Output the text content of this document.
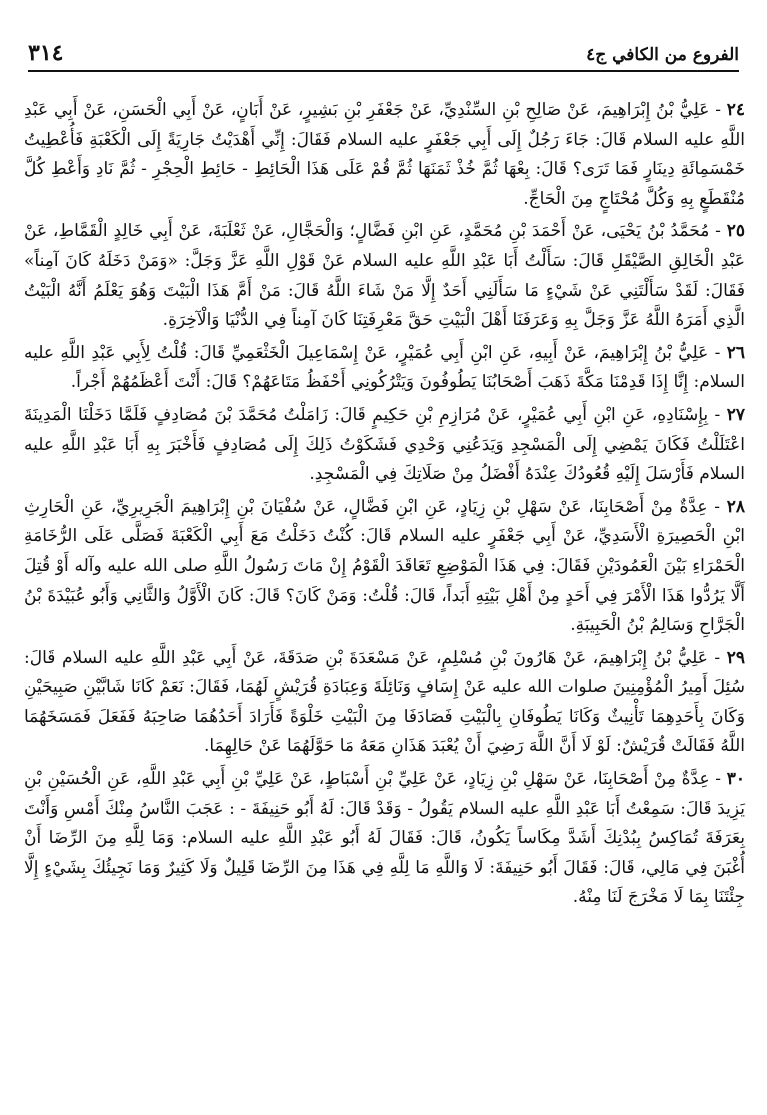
٣١٤	الفروع من الكافي ج٤

٢٤ - عَلِيُّ بْنُ إِبْرَاهِيمَ، عَنْ صَالِحِ بْنِ السِّنْدِيِّ، عَنْ جَعْفَرِ بْنِ بَشِيرٍ، عَنْ أَبَانٍ، عَنْ أَبِي الْحَسَنِ، عَنْ أَبِي عَبْدِ اللَّهِ عليه السلام قَالَ: جَاءَ رَجُلٌ إِلَى أَبِي جَعْفَرٍ عليه السلام فَقَالَ: إِنِّي أَهْدَيْتُ جَارِيَةً إِلَى الْكَعْبَةِ فَأُعْطِيتُ خَمْسَمِائَةِ دِينَارٍ فَمَا تَرَى؟ قَالَ: بِعْهَا ثُمَّ خُذْ ثَمَنَهَا ثُمَّ قُمْ عَلَى هَذَا الْحَائِطِ - حَائِطِ الْحِجْرِ - ثُمَّ نَادِ وَأَعْطِ كُلَّ مُنْقَطَعٍ بِهِ وَكُلَّ مُحْتَاجٍ مِنَ الْحَاجِّ.

٢٥ - مُحَمَّدُ بْنُ يَحْيَى، عَنْ أَحْمَدَ بْنِ مُحَمَّدٍ، عَنِ ابْنِ فَضَّالٍ؛ وَالْحَجَّالِ، عَنْ ثَعْلَبَةَ، عَنْ أَبِي خَالِدٍ الْقَمَّاطِ، عَنْ عَبْدِ الْخَالِقِ الصَّيْقَلِ قَالَ: سَأَلْتُ أَبَا عَبْدِ اللَّهِ عليه السلام عَنْ قَوْلِ اللَّهِ عَزَّ وَجَلَّ: «وَمَنْ دَخَلَهُ كَانَ آمِناً» فَقَالَ: لَقَدْ سَأَلْتَنِي عَنْ شَيْءٍ مَا سَأَلَنِي أَحَدٌ إِلَّا مَنْ شَاءَ اللَّهُ قَالَ: مَنْ أَمَّ هَذَا الْبَيْتَ وَهُوَ يَعْلَمُ أَنَّهُ الْبَيْتُ الَّذِي أَمَرَهُ اللَّهُ عَزَّ وَجَلَّ بِهِ وَعَرَفَنَا أَهْلَ الْبَيْتِ حَقَّ مَعْرِفَتِنَا كَانَ آمِناً فِي الدُّنْيَا وَالْآخِرَةِ.

٢٦ - عَلِيُّ بْنُ إِبْرَاهِيمَ، عَنْ أَبِيهِ، عَنِ ابْنِ أَبِي عُمَيْرٍ، عَنْ إِسْمَاعِيلَ الْخَثْعَمِيِّ قَالَ: قُلْتُ لِأَبِي عَبْدِ اللَّهِ عليه السلام: إِنَّا إِذَا قَدِمْنَا مَكَّةَ ذَهَبَ أَصْحَابُنَا يَطُوفُونَ وَيَتْرُكُونِي أَحْفَظُ مَتَاعَهُمْ؟ قَالَ: أَنْتَ أَعْظَمُهُمْ أَجْراً.

٢٧ - بِإِسْنَادِهِ، عَنِ ابْنِ أَبِي عُمَيْرٍ، عَنْ مُرَازِمِ بْنِ حَكِيمٍ قَالَ: زَامَلْتُ مُحَمَّدَ بْنَ مُصَادِفٍ فَلَمَّا دَخَلْنَا الْمَدِينَةَ اعْتَلَلْتُ فَكَانَ يَمْضِي إِلَى الْمَسْجِدِ وَيَدَعُنِي وَحْدِي فَشَكَوْتُ ذَلِكَ إِلَى مُصَادِفٍ فَأَخْبَرَ بِهِ أَبَا عَبْدِ اللَّهِ عليه السلام فَأَرْسَلَ إِلَيْهِ قُعُودُكَ عِنْدَهُ أَفْضَلُ مِنْ صَلَاتِكَ فِي الْمَسْجِدِ.

٢٨ - عِدَّةٌ مِنْ أَصْحَابِنَا، عَنْ سَهْلِ بْنِ زِيَادٍ، عَنِ ابْنِ فَضَّالٍ، عَنْ سُفْيَانَ بْنِ إِبْرَاهِيمَ الْجَرِيرِيِّ، عَنِ الْحَارِثِ ابْنِ الْحَصِيرَةِ الْأَسَدِيِّ، عَنْ أَبِي جَعْفَرٍ عليه السلام قَالَ: كُنْتُ دَخَلْتُ مَعَ أَبِي الْكَعْبَةَ فَصَلَّى عَلَى الرُّخَامَةِ الْحَمْرَاءِ بَيْنَ الْعَمُودَيْنِ فَقَالَ: فِي هَذَا الْمَوْضِعِ تَعَاقَدَ الْقَوْمُ إِنْ مَاتَ رَسُولُ اللَّهِ صلى الله عليه وآله أَوْ قُتِلَ أَلَّا يَرُدُّوا هَذَا الْأَمْرَ فِي أَحَدٍ مِنْ أَهْلِ بَيْتِهِ أَبَداً، قَالَ: قُلْتُ: وَمَنْ كَانَ؟ قَالَ: كَانَ الْأَوَّلُ وَالثَّانِي وَأَبُو عُبَيْدَةَ بْنُ الْجَرَّاحِ وَسَالِمُ بْنُ الْحَبِيبَةِ.

٢٩ - عَلِيُّ بْنُ إِبْرَاهِيمَ، عَنْ هَارُونَ بْنِ مُسْلِمٍ، عَنْ مَسْعَدَةَ بْنِ صَدَقَةَ، عَنْ أَبِي عَبْدِ اللَّهِ عليه السلام قَالَ: سُئِلَ أَمِيرُ الْمُؤْمِنِينَ صلوات الله عليه عَنْ إِسَافٍ وَنَائِلَةَ وَعِبَادَةِ قُرَيْشٍ لَهُمَا، فَقَالَ: نَعَمْ كَانَا شَابَّيْنِ صَبِيحَيْنِ وَكَانَ بِأَحَدِهِمَا تَأْنِيثٌ وَكَانَا يَطُوفَانِ بِالْبَيْتِ فَصَادَفَا مِنَ الْبَيْتِ خَلْوَةً فَأَرَادَ أَحَدُهُمَا صَاحِبَهُ فَفَعَلَ فَمَسَخَهُمَا اللَّهُ فَقَالَتْ قُرَيْشٌ: لَوْ لَا أَنَّ اللَّهَ رَضِيَ أَنْ يُعْبَدَ هَذَانِ مَعَهُ مَا حَوَّلَهُمَا عَنْ حَالِهِمَا.

٣٠ - عِدَّةٌ مِنْ أَصْحَابِنَا، عَنْ سَهْلِ بْنِ زِيَادٍ، عَنْ عَلِيِّ بْنِ أَسْبَاطٍ، عَنْ عَلِيِّ بْنِ أَبِي عَبْدِ اللَّهِ، عَنِ الْحُسَيْنِ بْنِ يَزِيدَ قَالَ: سَمِعْتُ أَبَا عَبْدِ اللَّهِ عليه السلام يَقُولُ - وَقَدْ قَالَ: لَهُ أَبُو حَنِيفَةَ - : عَجَبَ النَّاسُ مِنْكَ أَمْسِ وَأَنْتَ بِعَرَفَةَ تُمَاكِسُ بِبُدْنِكَ أَشَدَّ مِكَاساً يَكُونُ، قَالَ: فَقَالَ لَهُ أَبُو عَبْدِ اللَّهِ عليه السلام: وَمَا لِلَّهِ مِنَ الرِّضَا أَنْ أُغْبَنَ فِي مَالِي، قَالَ: فَقَالَ أَبُو حَنِيفَةَ: لَا وَاللَّهِ مَا لِلَّهِ فِي هَذَا مِنَ الرِّضَا قَلِيلٌ وَلَا كَثِيرٌ وَمَا نَجِيئُكَ بِشَيْءٍ إِلَّا جِئْتَنَا بِمَا لَا مَخْرَجَ لَنَا مِنْهُ.
